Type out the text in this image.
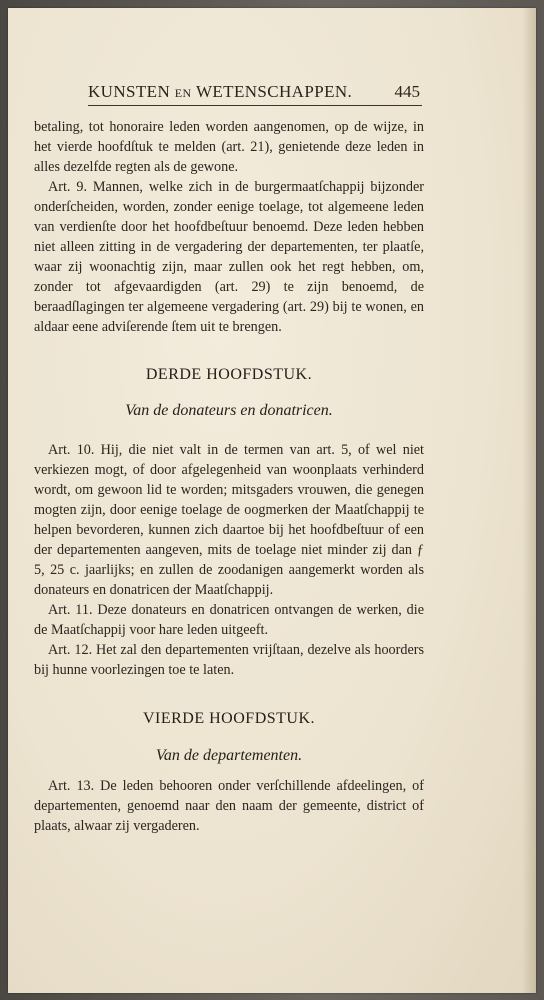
KUNSTEN EN WETENSCHAPPEN. 445

betaling, tot honoraire leden worden aangenomen, op de wijze, in het vierde hoofdſtuk te melden (art. 21), genietende deze leden in alles dezelfde regten als de gewone.

Art. 9. Mannen, welke zich in de burgermaatſchappij bijzonder onderſcheiden, worden, zonder eenige toelage, tot algemeene leden van verdienſte door het hoofdbeſtuur benoemd. Deze leden hebben niet alleen zitting in de vergadering der departementen, ter plaatſe, waar zij woonachtig zijn, maar zullen ook het regt hebben, om, zonder tot afgevaardigden (art. 29) te zijn benoemd, de beraadſlagingen ter algemeene vergadering (art. 29) bij te wonen, en aldaar eene adviſerende ſtem uit te brengen.

DERDE HOOFDSTUK.
Van de donateurs en donatricen.

Art. 10. Hij, die niet valt in de termen van art. 5, of wel niet verkiezen mogt, of door afgelegenheid van woonplaats verhinderd wordt, om gewoon lid te worden; mitsgaders vrouwen, die genegen mogten zijn, door eenige toelage de oogmerken der Maatſchappij te helpen bevorderen, kunnen zich daartoe bij het hoofdbeſtuur of een der departementen aangeven, mits de toelage niet minder zij dan ƒ 5, 25 c. jaarlijks; en zullen de zoodanigen aangemerkt worden als donateurs en donatricen der Maatſchappij.

Art. 11. Deze donateurs en donatricen ontvangen de werken, die de Maatſchappij voor hare leden uitgeeft.

Art. 12. Het zal den departementen vrijſtaan, dezelve als hoorders bij hunne voorlezingen toe te laten.

VIERDE HOOFDSTUK.
Van de departementen.

Art. 13. De leden behooren onder verſchillende afdeelingen, of departementen, genoemd naar den naam der gemeente, district of plaats, alwaar zij vergaderen.
